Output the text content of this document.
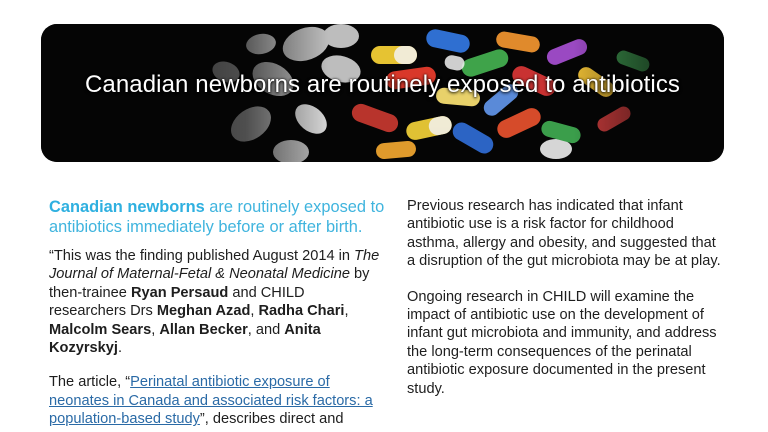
Canadian newborns are routinely exposed to antibiotics

Canadian newborns are routinely exposed to antibiotics immediately before or after birth.

“This was the finding published August 2014 in The Journal of Maternal-Fetal & Neonatal Medicine by then-trainee Ryan Persaud and CHILD researchers Drs Meghan Azad, Radha Chari, Malcolm Sears, Allan Becker, and Anita Kozyrskyj.

The article, “Perinatal antibiotic exposure of neonates in Canada and associated risk factors: a population-based study”, describes direct and

Previous research has indicated that infant antibiotic use is a risk factor for childhood asthma, allergy and obesity, and suggested that a disruption of the gut microbiota may be at play.

Ongoing research in CHILD will examine the impact of antibiotic use on the development of infant gut microbiota and immunity, and address the long-term consequences of the perinatal antibiotic exposure documented in the present study.
